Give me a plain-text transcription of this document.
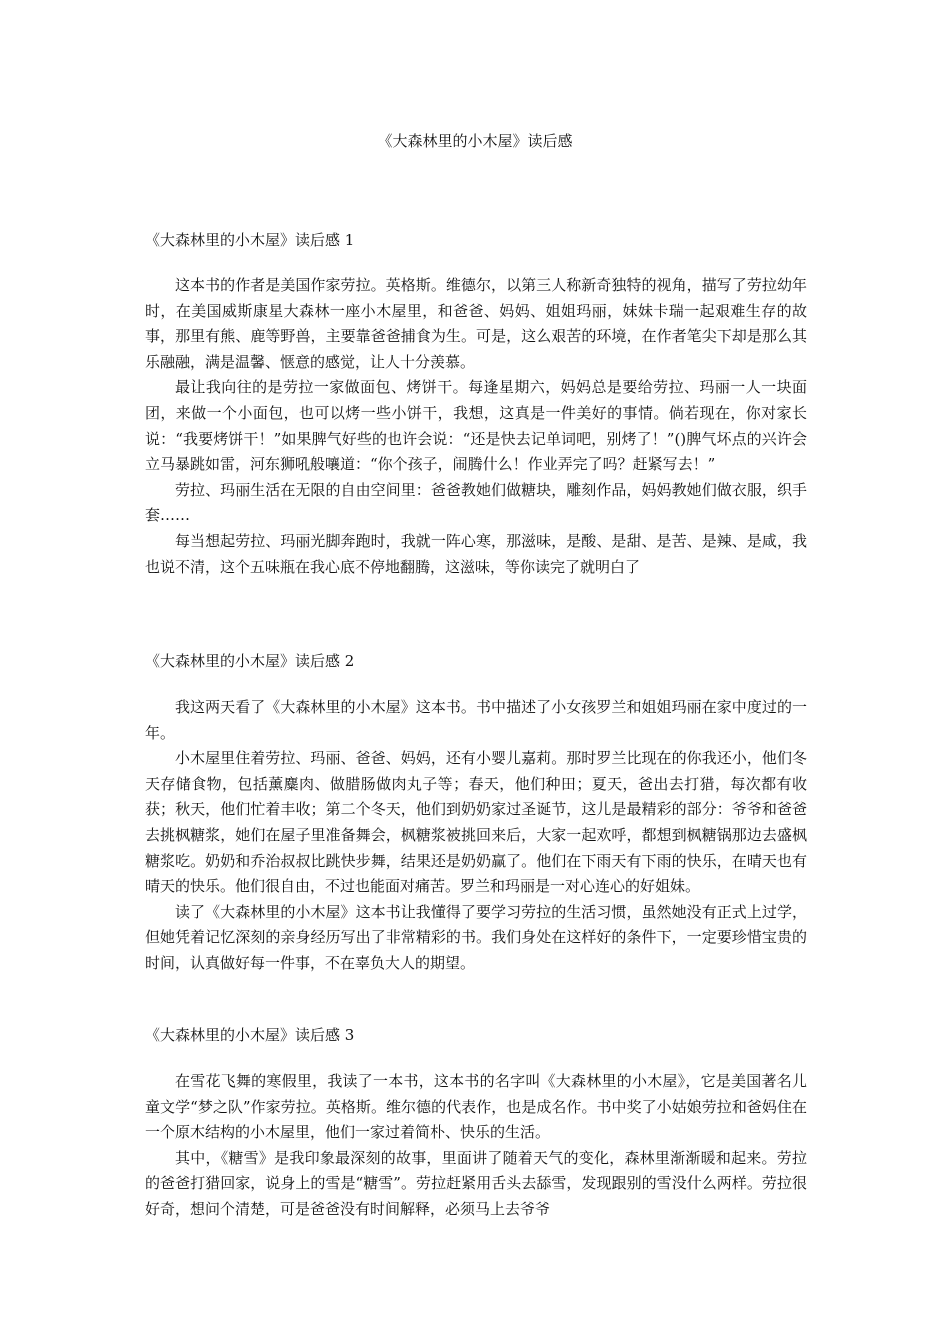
《大森林里的小木屋》读后感
《大森林里的小木屋》读后感 1

这本书的作者是美国作家劳拉。英格斯。维德尔，以第三人称新奇独特的视角，描写了劳拉幼年时，在美国威斯康星大森林一座小木屋里，和爸爸、妈妈、姐姐玛丽，妹妹卡瑞一起艰难生存的故事，那里有熊、鹿等野兽，主要靠爸爸捕食为生。可是，这么艰苦的环境，在作者笔尖下却是那么其乐融融，满是温馨、惬意的感觉，让人十分羡慕。

最让我向往的是劳拉一家做面包、烤饼干。每逢星期六，妈妈总是要给劳拉、玛丽一人一块面团，来做一个小面包，也可以烤一些小饼干，我想，这真是一件美好的事情。倘若现在，你对家长说：“我要烤饼干！”如果脾气好些的也许会说：“还是快去记单词吧，别烤了！”()脾气坏点的兴许会立马暴跳如雷，河东狮吼般嚷道：“你个孩子，闹腾什么！作业弄完了吗？赶紧写去！”

劳拉、玛丽生活在无限的自由空间里：爸爸教她们做糖块，雕刻作品，妈妈教她们做衣服，织手套……

每当想起劳拉、玛丽光脚奔跑时，我就一阵心寒，那滋味，是酸、是甜、是苦、是辣、是咸，我也说不清，这个五味瓶在我心底不停地翻腾，这滋味，等你读完了就明白了

《大森林里的小木屋》读后感 2

我这两天看了《大森林里的小木屋》这本书。书中描述了小女孩罗兰和姐姐玛丽在家中度过的一年。

小木屋里住着劳拉、玛丽、爸爸、妈妈，还有小婴儿嘉莉。那时罗兰比现在的你我还小，他们冬天存储食物，包括薰麋肉、做腊肠做肉丸子等；春天，他们种田；夏天，爸出去打猎，每次都有收获；秋天，他们忙着丰收；第二个冬天，他们到奶奶家过圣诞节，这儿是最精彩的部分：爷爷和爸爸去挑枫糖浆，她们在屋子里准备舞会，枫糖浆被挑回来后，大家一起欢呼，都想到枫糖锅那边去盛枫糖浆吃。奶奶和乔治叔叔比跳快步舞，结果还是奶奶赢了。他们在下雨天有下雨的快乐，在晴天也有晴天的快乐。他们很自由，不过也能面对痛苦。罗兰和玛丽是一对心连心的好姐妹。

读了《大森林里的小木屋》这本书让我懂得了要学习劳拉的生活习惯，虽然她没有正式上过学，但她凭着记忆深刻的亲身经历写出了非常精彩的书。我们身处在这样好的条件下，一定要珍惜宝贵的时间，认真做好每一件事，不在辜负大人的期望。

《大森林里的小木屋》读后感 3

在雪花飞舞的寒假里，我读了一本书，这本书的名字叫《大森林里的小木屋》，它是美国著名儿童文学“梦之队”作家劳拉。英格斯。维尔德的代表作，也是成名作。书中奖了小姑娘劳拉和爸妈住在一个原木结构的小木屋里，他们一家过着简朴、快乐的生活。

其中，《糖雪》是我印象最深刻的故事，里面讲了随着天气的变化，森林里渐渐暖和起来。劳拉的爸爸打猎回家，说身上的雪是“糖雪”。劳拉赶紧用舌头去舔雪，发现跟别的雪没什么两样。劳拉很好奇，想问个清楚，可是爸爸没有时间解释，必须马上去爷爷
